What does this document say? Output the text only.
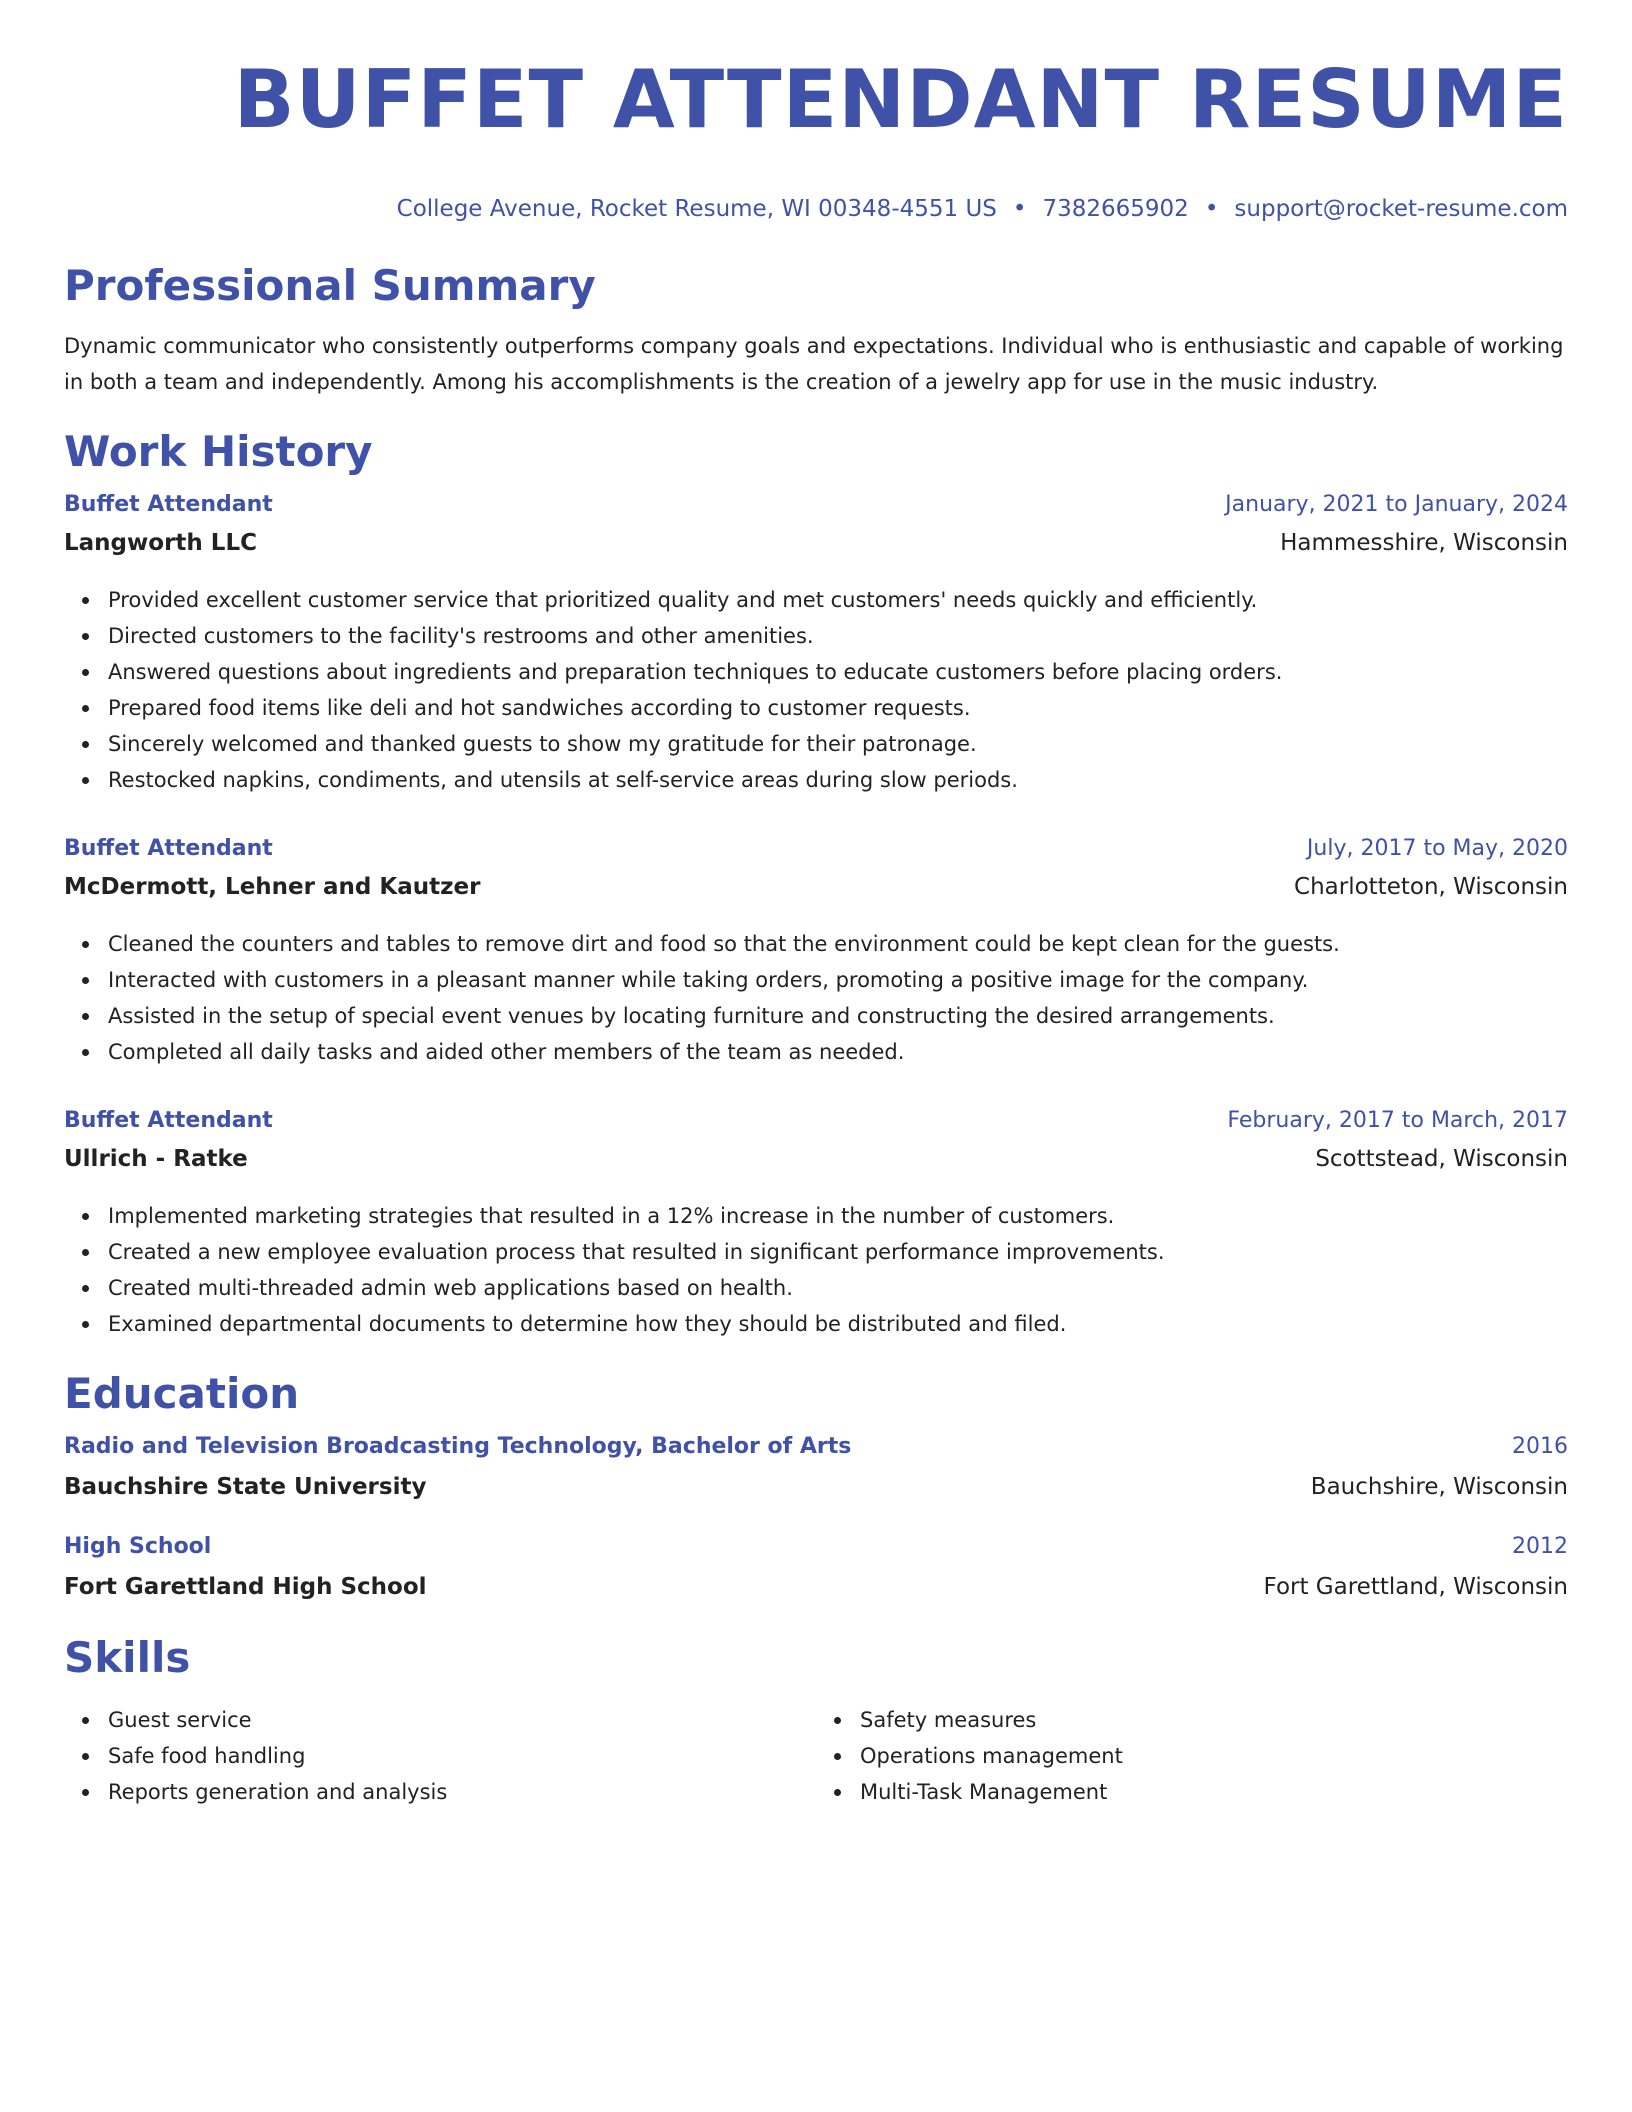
BUFFET ATTENDANT RESUME
College Avenue, Rocket Resume, WI 00348-4551 US • 7382665902 • support@rocket-resume.com
Professional Summary
Dynamic communicator who consistently outperforms company goals and expectations. Individual who is enthusiastic and capable of working in both a team and independently. Among his accomplishments is the creation of a jewelry app for use in the music industry.
Work History
Buffet Attendant	January, 2021 to January, 2024
Langworth LLC	Hammesshire, Wisconsin
Provided excellent customer service that prioritized quality and met customers' needs quickly and efficiently.
Directed customers to the facility's restrooms and other amenities.
Answered questions about ingredients and preparation techniques to educate customers before placing orders.
Prepared food items like deli and hot sandwiches according to customer requests.
Sincerely welcomed and thanked guests to show my gratitude for their patronage.
Restocked napkins, condiments, and utensils at self-service areas during slow periods.
Buffet Attendant	July, 2017 to May, 2020
McDermott, Lehner and Kautzer	Charlotteton, Wisconsin
Cleaned the counters and tables to remove dirt and food so that the environment could be kept clean for the guests.
Interacted with customers in a pleasant manner while taking orders, promoting a positive image for the company.
Assisted in the setup of special event venues by locating furniture and constructing the desired arrangements.
Completed all daily tasks and aided other members of the team as needed.
Buffet Attendant	February, 2017 to March, 2017
Ullrich - Ratke	Scottstead, Wisconsin
Implemented marketing strategies that resulted in a 12% increase in the number of customers.
Created a new employee evaluation process that resulted in significant performance improvements.
Created multi-threaded admin web applications based on health.
Examined departmental documents to determine how they should be distributed and filed.
Education
Radio and Television Broadcasting Technology, Bachelor of Arts	2016
Bauchshire State University	Bauchshire, Wisconsin
High School	2012
Fort Garettland High School	Fort Garettland, Wisconsin
Skills
Guest service
Safe food handling
Reports generation and analysis
Safety measures
Operations management
Multi-Task Management
